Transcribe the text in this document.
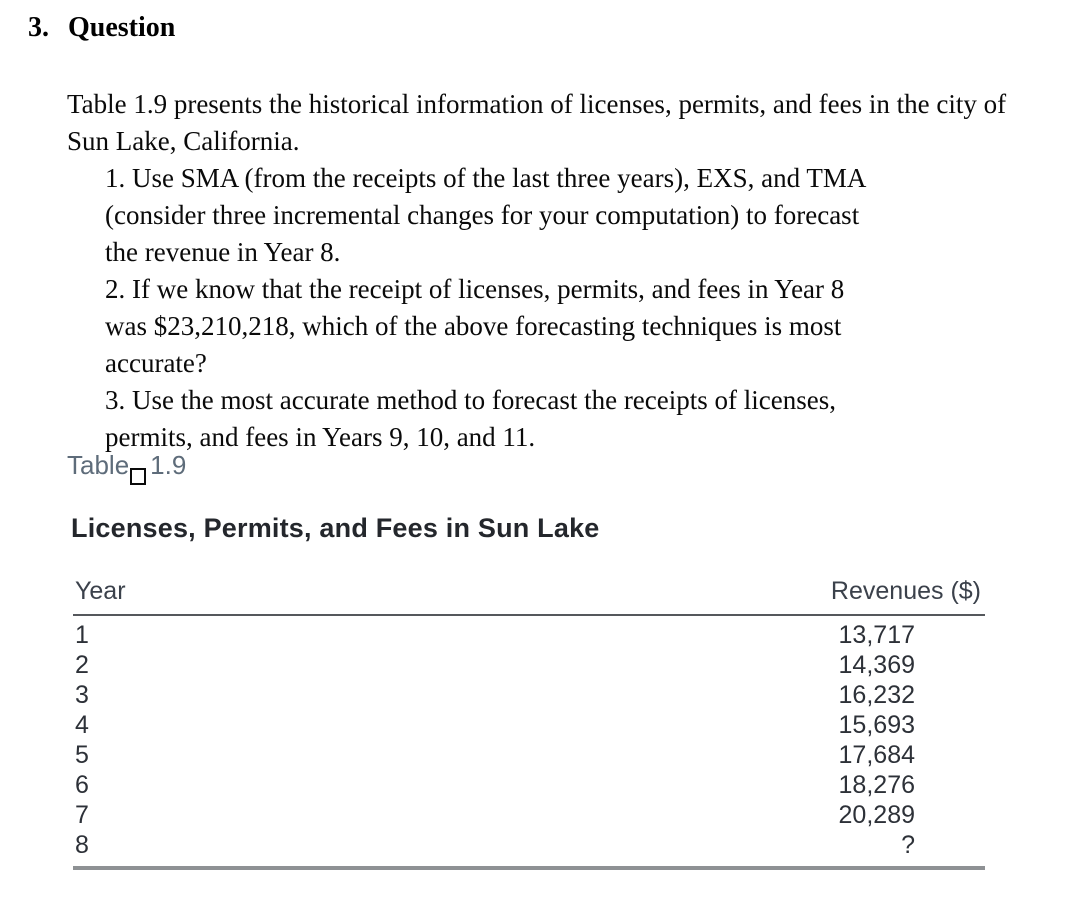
3. Question

Table 1.9 presents the historical information of licenses, permits, and fees in the city of
Sun Lake, California.

1. Use SMA (from the receipts of the last three years), EXS, and TMA
(consider three incremental changes for your computation) to forecast
the revenue in Year 8.

2. If we know that the receipt of licenses, permits, and fees in Year 8
was $23,210,218, which of the above forecasting techniques is most
accurate?

3. Use the most accurate method to forecast the receipts of licenses,
permits, and fees in Years 9, 10, and 11.

Table 1.9
Licenses, Permits, and Fees in Sun Lake
Year	Revenues ($)
1	13,717
2	14,369
3	16,232
4	15,693
5	17,684
6	18,276
7	20,289
8	?
